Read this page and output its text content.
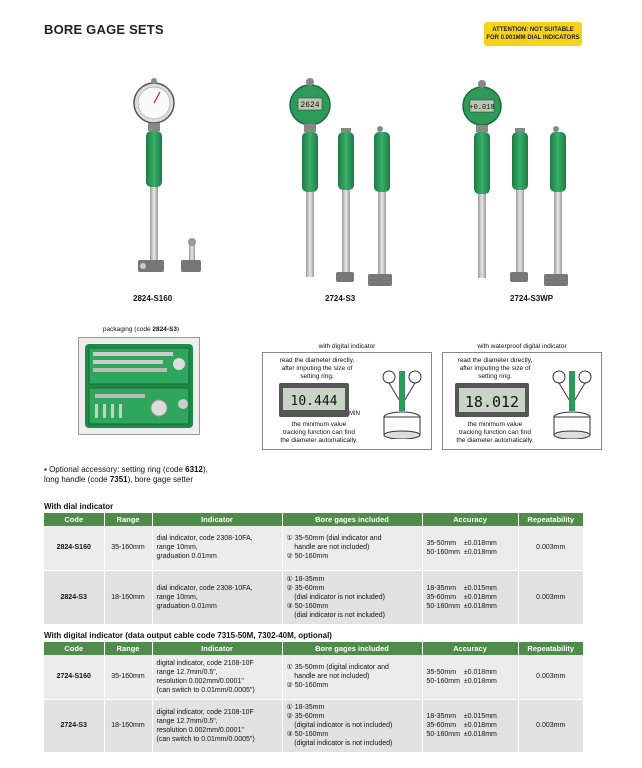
BORE GAGE SETS	ATTENTION: NOT SUITABLE
FOR 0.001MM DIAL INDICATORS
2624	+0.018
2824-S160	2724-S3	2724-S3WP
packaging (code 2824-S3)
with digital indicator
read the diameter directly,
after imputing the size of
setting ring.
10.444
MIN
the minimum value
tracking function can find
the diameter automatically.
with waterproof digital indicator
read the diameter directly,
after imputing the size of
setting ring.
18.012
the minimum value
tracking function can find
the diameter automatically.
▪ Optional accessory: setting ring (code 6312),
long handle (code 7351), bore gage setter
With dial indicator
Code	Range	Indicator	Bore gages included	Accuracy	Repeatability
2824-S160	35-160mm	dial indicator, code 2308-10FA,
range 10mm,
graduation 0.01mm	① 35-50mm (dial indicator and
handle are not included)
② 50-160mm	35-50mm    ±0.018mm
50-160mm  ±0.018mm	0.003mm
2824-S3	18-160mm	dial indicator, code 2308-10FA,
range 10mm,
graduation 0.01mm	① 18-35mm
② 35-60mm
(dial indicator is not included)
③ 50-160mm
(dial indicator is not included)	18-35mm    ±0.015mm
35-60mm    ±0.018mm
50-160mm  ±0.018mm	0.003mm
With digital indicator (data output cable code 7315-50M, 7302-40M, optional)
Code	Range	Indicator	Bore gages included	Accuracy	Repeatability
2724-S160	35-160mm	digital indicator, code 2108-10F
range 12.7mm/0.5",
resolution 0.002mm/0.0001"
(can switch to 0.01mm/0.0005")	① 35-50mm (digital indicator and
handle are not included)
② 50-160mm	35-50mm    ±0.018mm
50-160mm  ±0.018mm	0.003mm
2724-S3	18-160mm	digital indicator, code 2108-10F
range 12.7mm/0.5",
resolution 0.002mm/0.0001"
(can switch to 0.01mm/0.0005")	① 18-35mm
② 35-60mm
(digital indicator is not included)
③ 50-160mm
(digital indicator is not included)	18-35mm    ±0.015mm
35-60mm    ±0.018mm
50-160mm  ±0.018mm	0.003mm
